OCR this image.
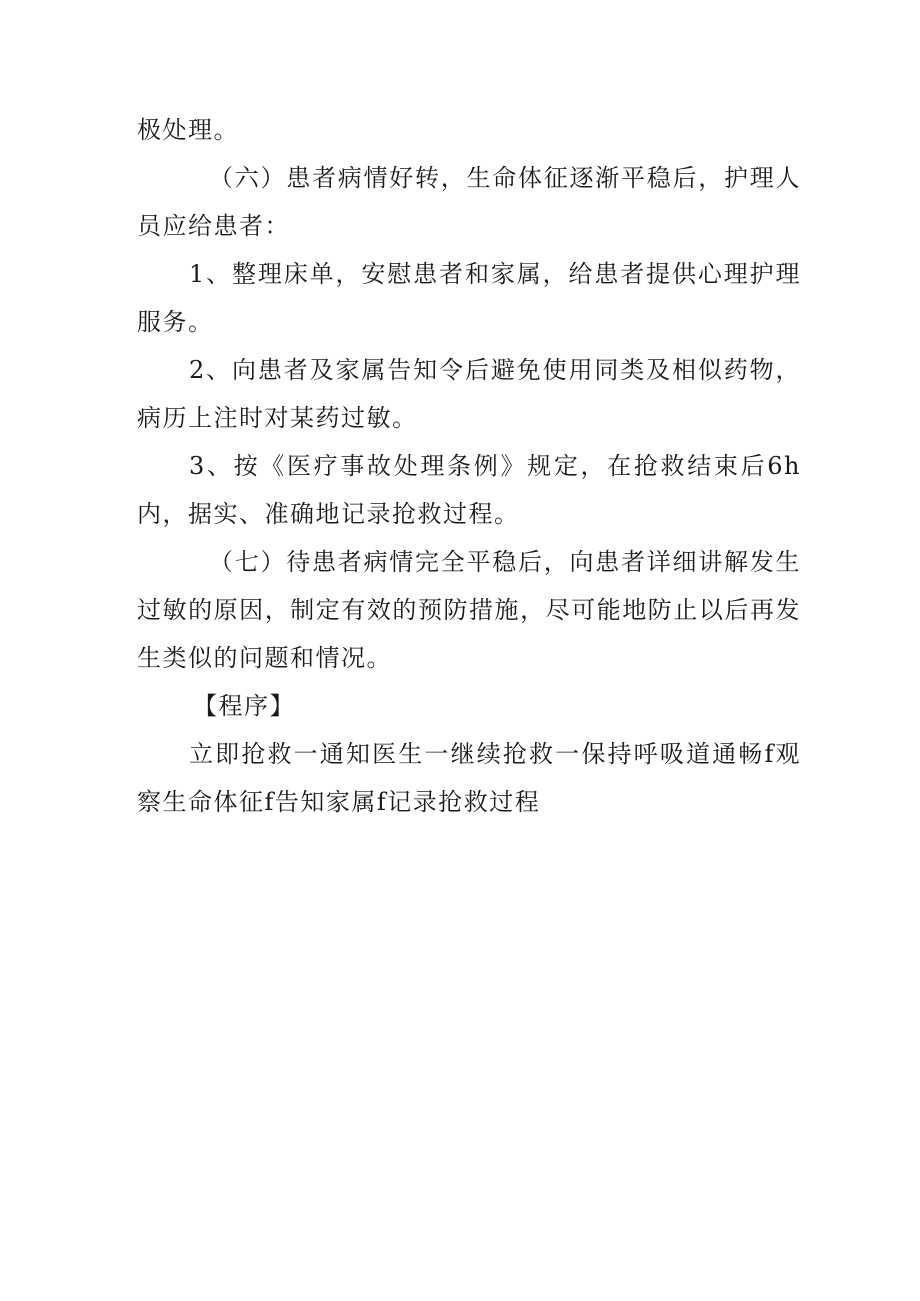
极处理。

（六）患者病情好转，生命体征逐渐平稳后，护理人员应给患者：

1、整理床单，安慰患者和家属，给患者提供心理护理服务。

2、向患者及家属告知令后避免使用同类及相似药物，病历上注时对某药过敏。

3、按《医疗事故处理条例》规定，在抢救结束后6h内，据实、准确地记录抢救过程。

（七）待患者病情完全平稳后，向患者详细讲解发生过敏的原因，制定有效的预防措施，尽可能地防止以后再发生类似的问题和情况。

【程序】

立即抢救一通知医生一继续抢救一保持呼吸道通畅f观察生命体征f告知家属f记录抢救过程
